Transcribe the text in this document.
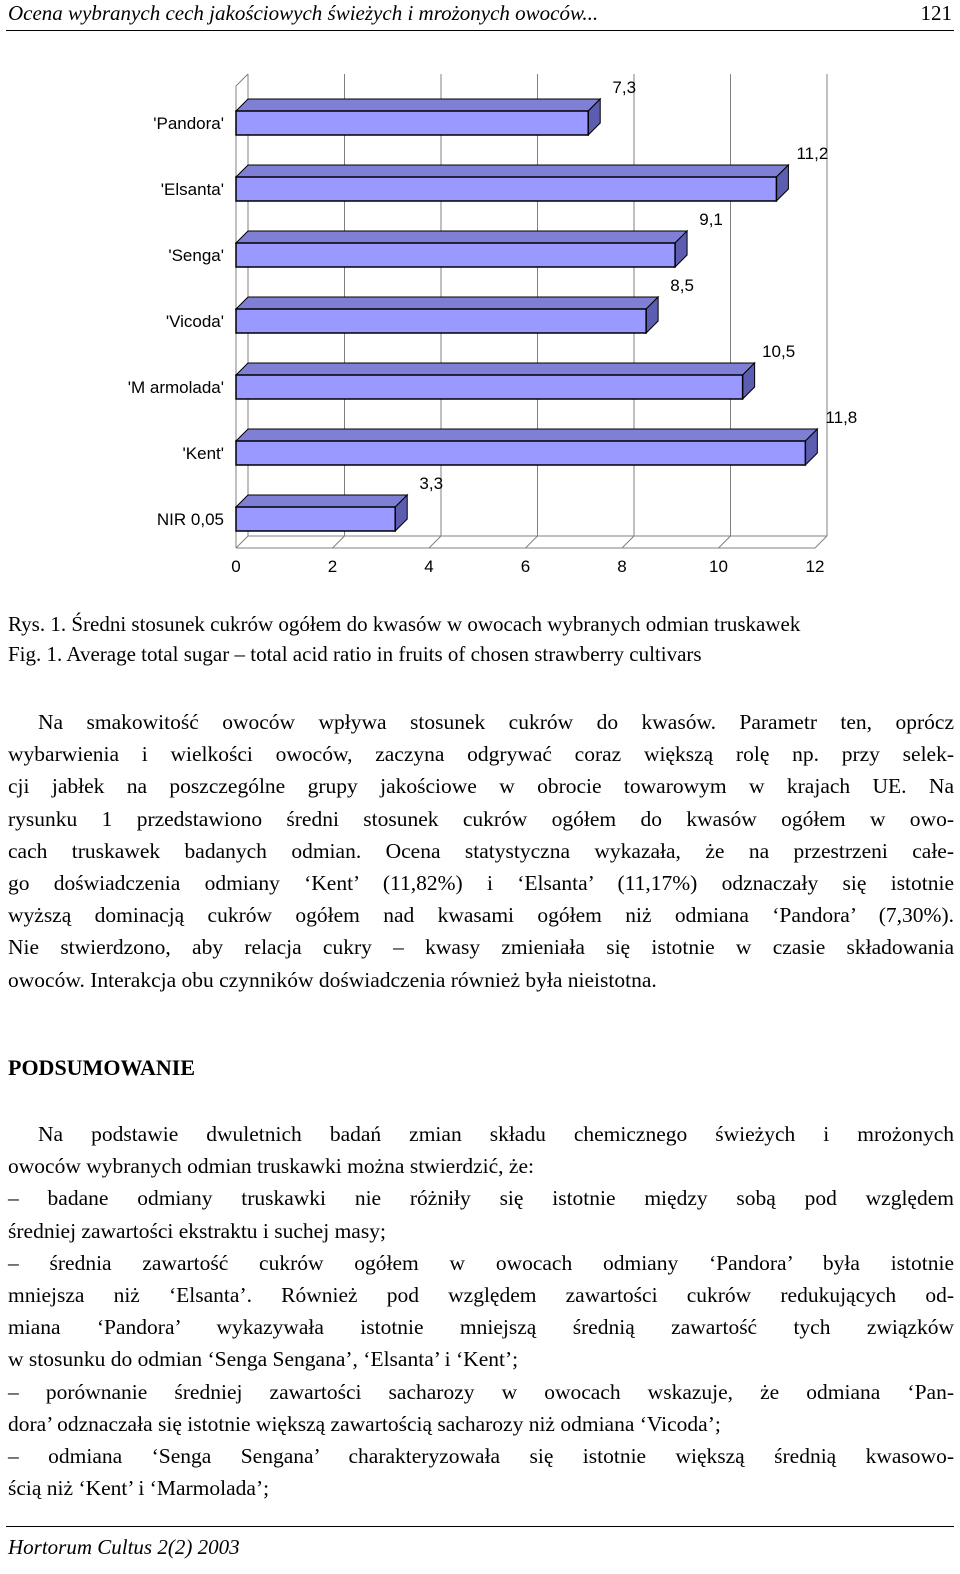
Ocena wybranych cech jakościowych świeżych i mrożonych owoców...	121
0	2	4	6	8	10	12
'Pandora'
7,3
'Elsanta'
11,2
'Senga'
9,1
'Vicoda'
8,5
'M armolada'
10,5
'Kent'
11,8
NIR 0,05
3,3
Rys. 1. Średni stosunek cukrów ogółem do kwasów w owocach wybranych odmian truskawek
Fig. 1. Average total sugar – total acid ratio in fruits of chosen strawberry cultivars
Na smakowitość owoców wpływa stosunek cukrów do kwasów. Parametr ten, oprócz
wybarwienia i wielkości owoców, zaczyna odgrywać coraz większą rolę np. przy selek-
cji jabłek na poszczególne grupy jakościowe w obrocie towarowym w krajach UE. Na
rysunku 1 przedstawiono średni stosunek cukrów ogółem do kwasów ogółem w owo-
cach truskawek badanych odmian. Ocena statystyczna wykazała, że na przestrzeni całe-
go doświadczenia odmiany ‘Kent’ (11,82%) i ‘Elsanta’ (11,17%) odznaczały się istotnie
wyższą dominacją cukrów ogółem nad kwasami ogółem niż odmiana ‘Pandora’ (7,30%).
Nie stwierdzono, aby relacja cukry – kwasy zmieniała się istotnie w czasie składowania
owoców. Interakcja obu czynników doświadczenia również była nieistotna.
PODSUMOWANIE
Na podstawie dwuletnich badań zmian składu chemicznego świeżych i mrożonych
owoców wybranych odmian truskawki można stwierdzić, że:
– badane odmiany truskawki nie różniły się istotnie między sobą pod względem
średniej zawartości ekstraktu i suchej masy;
– średnia zawartość cukrów ogółem w owocach odmiany ‘Pandora’ była istotnie
mniejsza niż ‘Elsanta’. Również pod względem zawartości cukrów redukujących od-
miana ‘Pandora’ wykazywała istotnie mniejszą średnią zawartość tych związków
w stosunku do odmian ‘Senga Sengana’, ‘Elsanta’ i ‘Kent’;
– porównanie średniej zawartości sacharozy w owocach wskazuje, że odmiana ‘Pan-
dora’ odznaczała się istotnie większą zawartością sacharozy niż odmiana ‘Vicoda’;
– odmiana ‘Senga Sengana’ charakteryzowała się istotnie większą średnią kwasowo-
ścią niż ‘Kent’ i ‘Marmolada’;
Hortorum Cultus 2(2) 2003
